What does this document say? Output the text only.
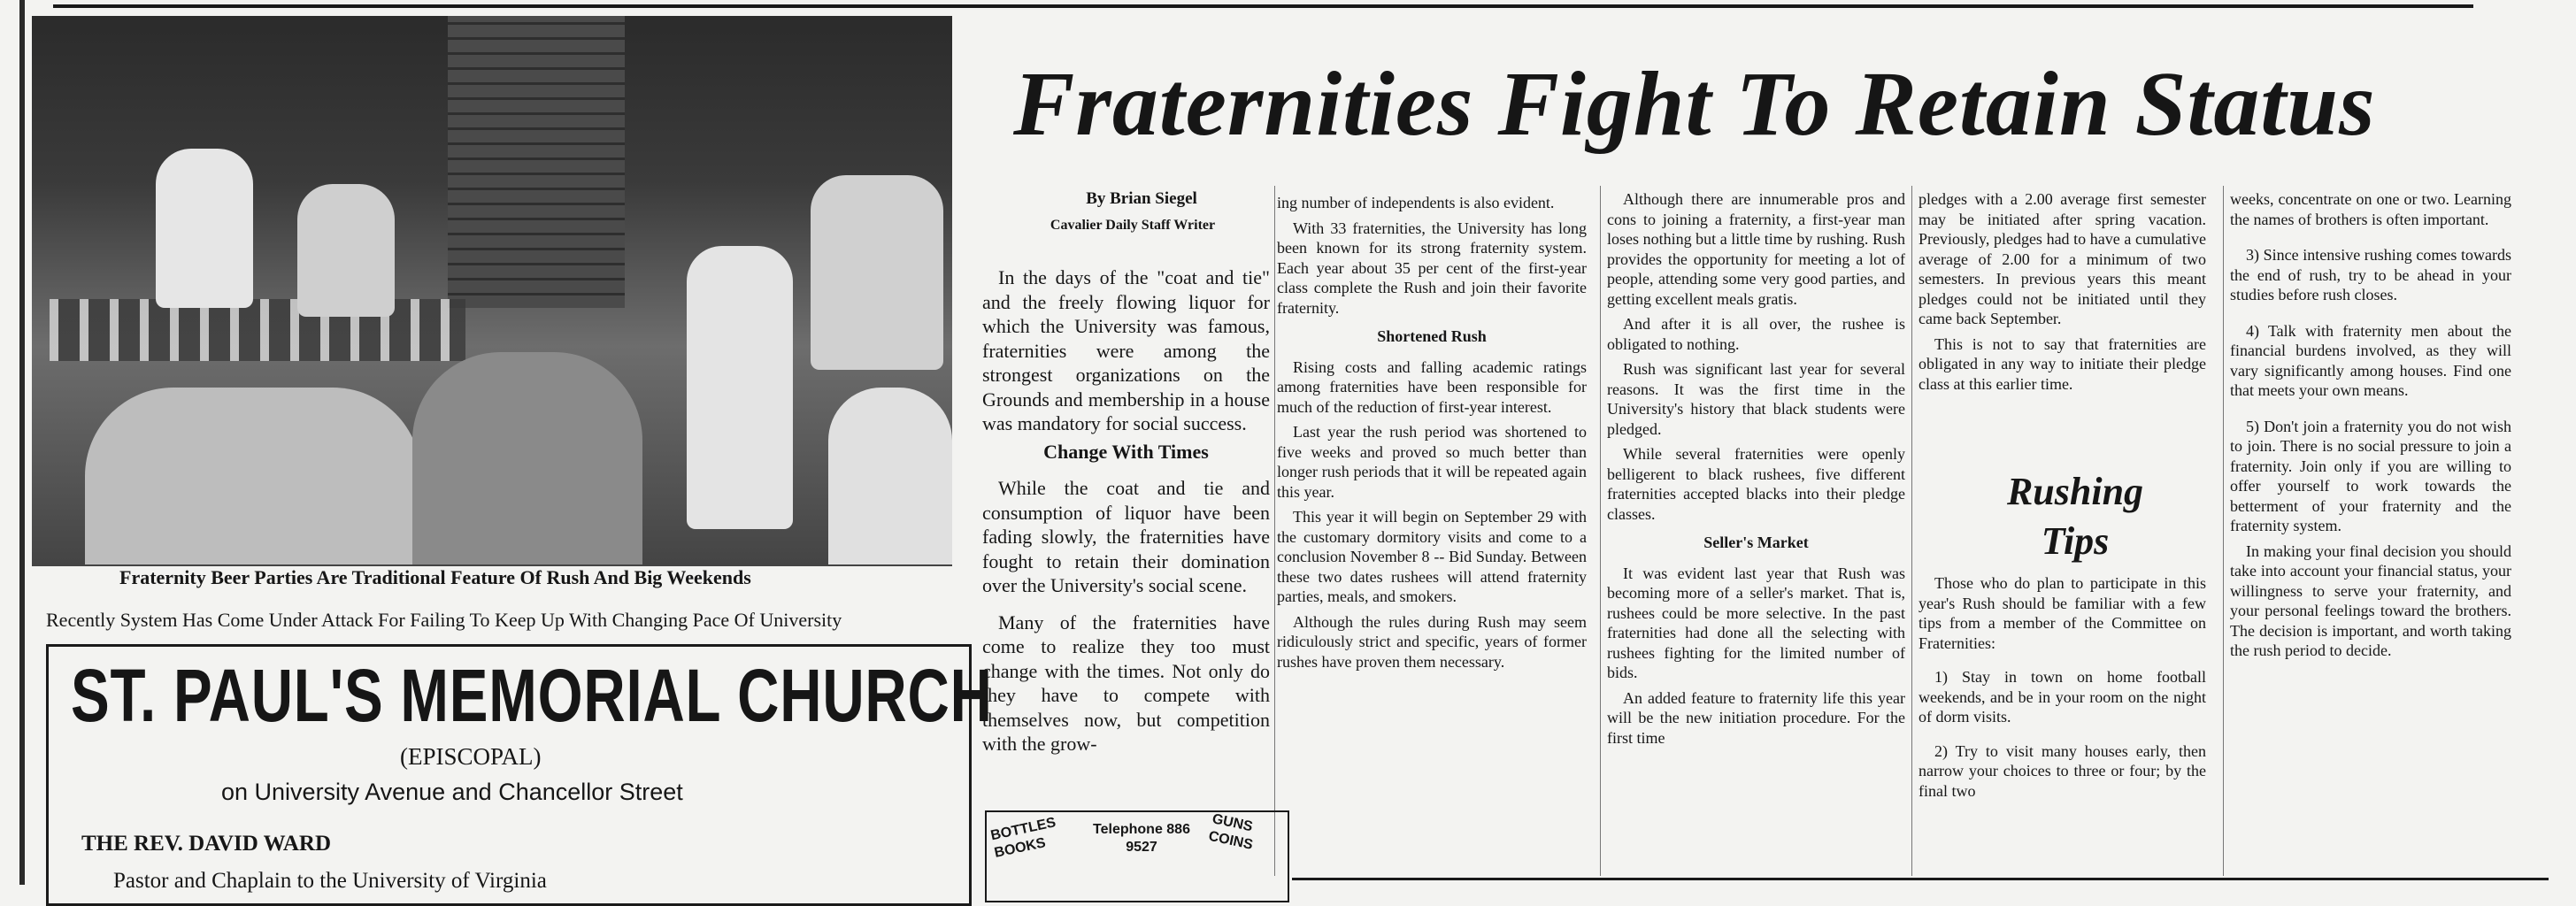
Fraternity Beer Parties Are Traditional Feature Of Rush And Big Weekends
Recently System Has Come Under Attack For Failing To Keep Up With Changing Pace Of University
ST. PAUL'S MEMORIAL CHURCH
(EPISCOPAL)
on University Avenue and Chancellor Street
THE REV. DAVID WARD
Pastor and Chaplain to the University of Virginia
Fraternities Fight To Retain Status
By Brian Siegel
Cavalier Daily Staff Writer

In the days of the "coat and tie" and the freely flowing liquor for which the University was famous, fraternities were among the strongest organizations on the Grounds and membership in a house was mandatory for social success.

Change With Times

While the coat and tie and consumption of liquor have been fading slowly, the fraternities have fought to retain their domination over the University's social scene.

Many of the fraternities have come to realize they too must change with the times. Not only do they have to compete with themselves now, but competition with the grow-

ing number of independents is also evident.

With 33 fraternities, the University has long been known for its strong fraternity system. Each year about 35 per cent of the first-year class complete the Rush and join their favorite fraternity.

Shortened Rush

Rising costs and falling academic ratings among fraternities have been responsible for much of the reduction of first-year interest.

Last year the rush period was shortened to five weeks and proved so much better than longer rush periods that it will be repeated again this year.

This year it will begin on September 29 with the customary dormitory visits and come to a conclusion November 8 -- Bid Sunday. Between these two dates rushees will attend fraternity parties, meals, and smokers.

Although the rules during Rush may seem ridiculously strict and specific, years of former rushes have proven them necessary.

Although there are innumerable pros and cons to joining a fraternity, a first-year man loses nothing but a little time by rushing. Rush provides the opportunity for meeting a lot of people, attending some very good parties, and getting excellent meals gratis.

And after it is all over, the rushee is obligated to nothing.

Rush was significant last year for several reasons. It was the first time in the University's history that black students were pledged.

While several fraternities were openly belligerent to black rushees, five different fraternities accepted blacks into their pledge classes.

Seller's Market

It was evident last year that Rush was becoming more of a seller's market. That is, rushees could be more selective. In the past fraternities had done all the selecting with rushees fighting for the limited number of bids.

An added feature to fraternity life this year will be the new initiation procedure. For the first time

pledges with a 2.00 average first semester may be initiated after spring vacation. Previously, pledges had to have a cumulative average of 2.00 for a minimum of two semesters. In previous years this meant pledges could not be initiated until they came back September.

This is not to say that fraternities are obligated in any way to initiate their pledge class at this earlier time.

Rushing
Tips

Those who do plan to participate in this year's Rush should be familiar with a few tips from a member of the Committee on Fraternities:

1) Stay in town on home football weekends, and be in your room on the night of dorm visits.

2) Try to visit many houses early, then narrow your choices to three or four; by the final two

weeks, concentrate on one or two. Learning the names of brothers is often important.

3) Since intensive rushing comes towards the end of rush, try to be ahead in your studies before rush closes.

4) Talk with fraternity men about the financial burdens involved, as they will vary significantly among houses. Find one that meets your own means.

5) Don't join a fraternity you do not wish to join. There is no social pressure to join a fraternity. Join only if you are willing to offer yourself to work towards the betterment of your fraternity and the fraternity system.

In making your final decision you should take into account your financial status, your willingness to serve your fraternity, and your personal feelings toward the brothers. The decision is important, and worth taking the rush period to decide.

BOTTLES BOOKS
Telephone 886 9527
GUNS COINS
